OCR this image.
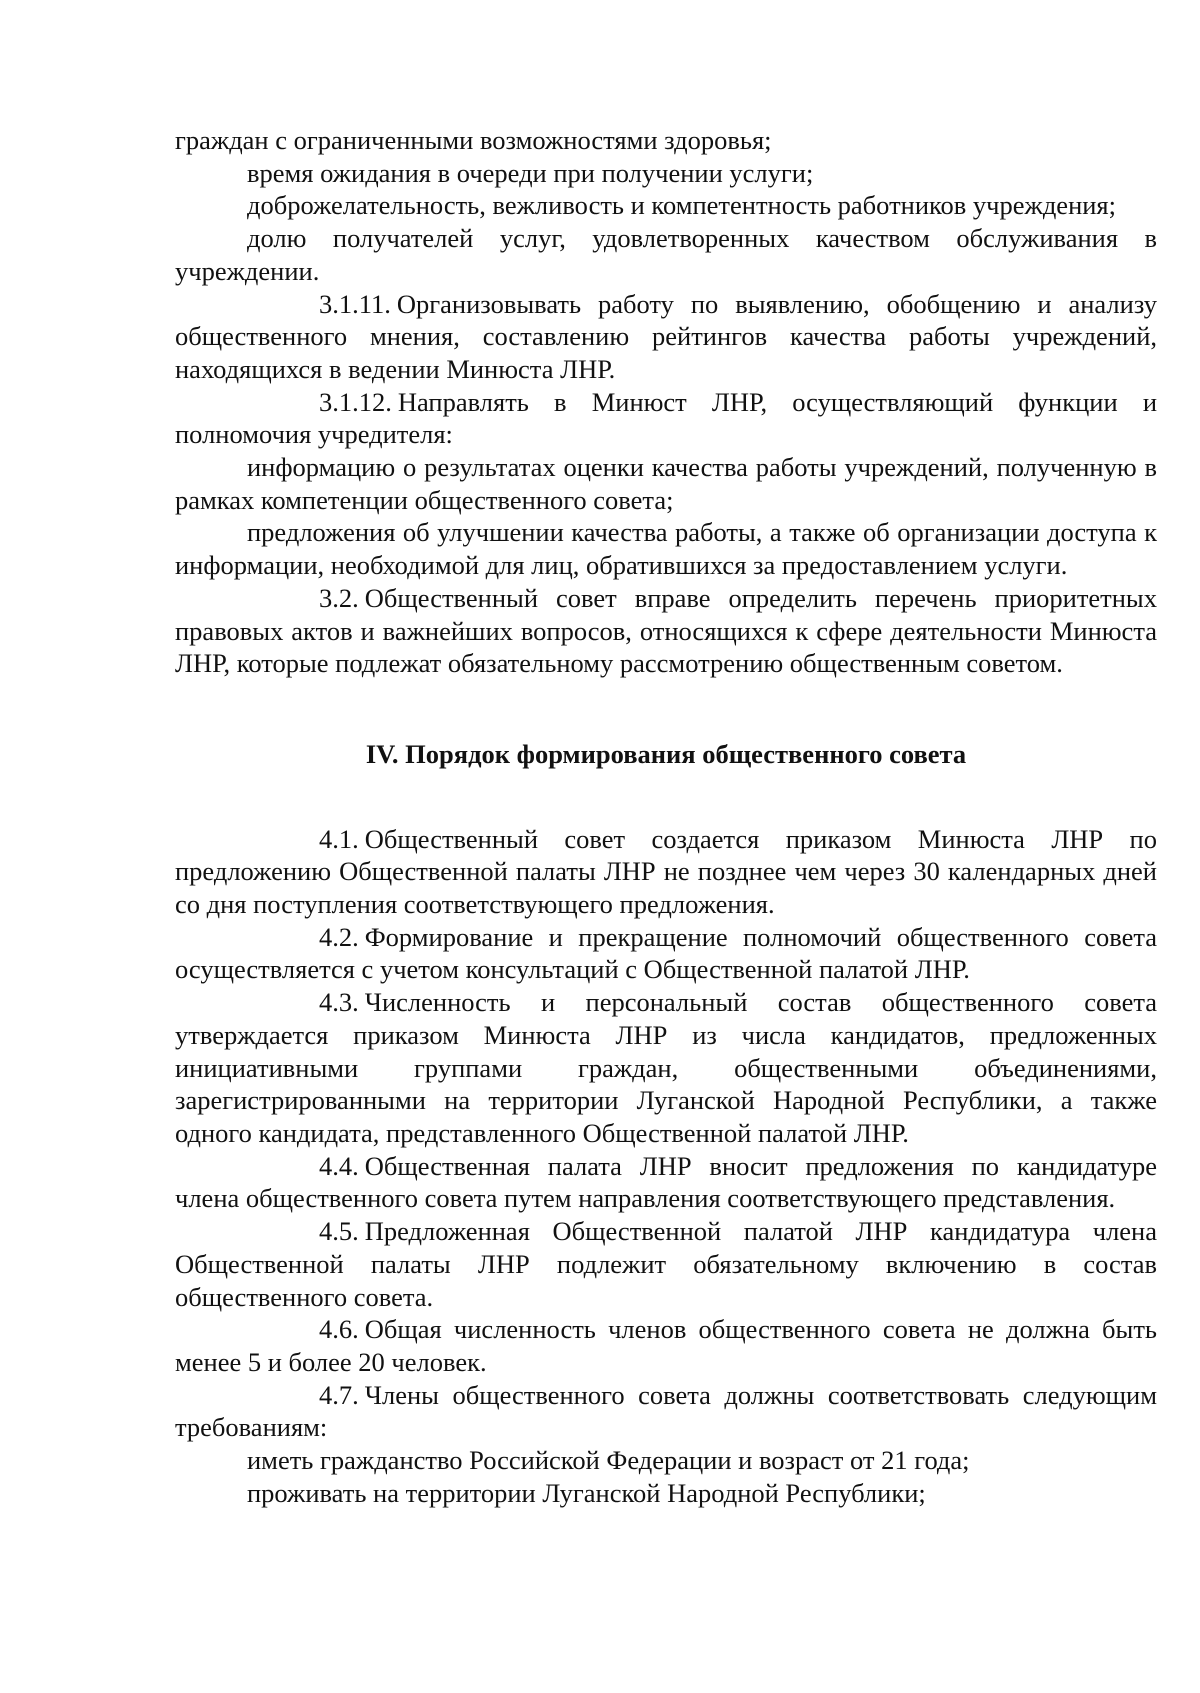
граждан с ограниченными возможностями здоровья;

время ожидания в очереди при получении услуги;

доброжелательность, вежливость и компетентность работников учреждения;

долю получателей услуг, удовлетворенных качеством обслуживания в учреждении.

3.1.11. Организовывать работу по выявлению, обобщению и анализу общественного мнения, составлению рейтингов качества работы учреждений, находящихся в ведении Минюста ЛНР.

3.1.12. Направлять в Минюст ЛНР, осуществляющий функции и полномочия учредителя:

информацию о результатах оценки качества работы учреждений, полученную в рамках компетенции общественного совета;

предложения об улучшении качества работы, а также об организации доступа к информации, необходимой для лиц, обратившихся за предоставлением услуги.

3.2. Общественный совет вправе определить перечень приоритетных правовых актов и важнейших вопросов, относящихся к сфере деятельности Минюста ЛНР, которые подлежат обязательному рассмотрению общественным советом.

IV. Порядок формирования общественного совета

4.1. Общественный совет создается приказом Минюста ЛНР по предложению Общественной палаты ЛНР не позднее чем через 30 календарных дней со дня поступления соответствующего предложения.

4.2. Формирование и прекращение полномочий общественного совета осуществляется с учетом консультаций с Общественной палатой ЛНР.

4.3. Численность и персональный состав общественного совета утверждается приказом Минюста ЛНР из числа кандидатов, предложенных инициативными группами граждан, общественными объединениями, зарегистрированными на территории Луганской Народной Республики, а также одного кандидата, представленного Общественной палатой ЛНР.

4.4. Общественная палата ЛНР вносит предложения по кандидатуре члена общественного совета путем направления соответствующего представления.

4.5. Предложенная Общественной палатой ЛНР кандидатура члена Общественной палаты ЛНР подлежит обязательному включению в состав общественного совета.

4.6. Общая численность членов общественного совета не должна быть менее 5 и более 20 человек.

4.7. Члены общественного совета должны соответствовать следующим требованиям:

иметь гражданство Российской Федерации и возраст от 21 года;

проживать на территории Луганской Народной Республики;
